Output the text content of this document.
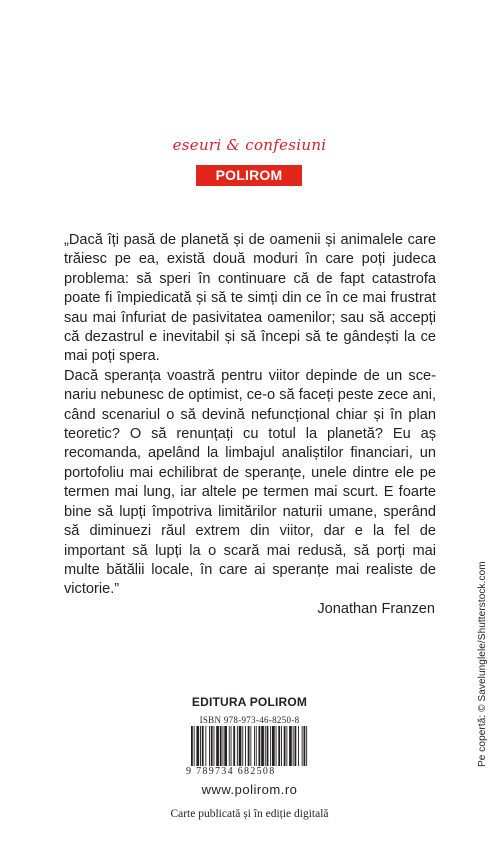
eseuri & confesiuni
POLIROM

„Dacă îți pasă de planetă și de oamenii și animalele care trăiesc pe ea, există două moduri în care poți judeca problema: să speri în continuare că de fapt catastrofa poate fi împiedicată și să te simți din ce în ce mai frustrat sau mai înfuriat de pasivitatea oamenilor; sau să accepți că dezastrul e inevitabil și să începi să te gândești la ce mai poți spera.

Dacă speranța voastră pentru viitor depinde de un scenariu nebunesc de optimist, ce-o să faceți peste zece ani, când scenariul o să devină nefuncțional chiar și în plan teoretic? O să renunțați cu totul la planetă? Eu aș recomanda, apelând la limbajul analiștilor financiari, un portofoliu mai echilibrat de speranțe, unele dintre ele pe termen mai lung, iar altele pe termen mai scurt. E foarte bine să lupți împotriva limitărilor naturii umane, sperând să diminuezi răul extrem din viitor, dar e la fel de important să lupți la o scară mai redusă, să porți mai multe bătălii locale, în care ai speranțe mai realiste de victorie.”

Jonathan Franzen
EDITURA POLIROM
ISBN 978-973-46-8250-8
9 789734 682508
www.polirom.ro
Carte publicată și în ediție digitală
Pe copertă: © Savelunglele/Shutterstock.com
